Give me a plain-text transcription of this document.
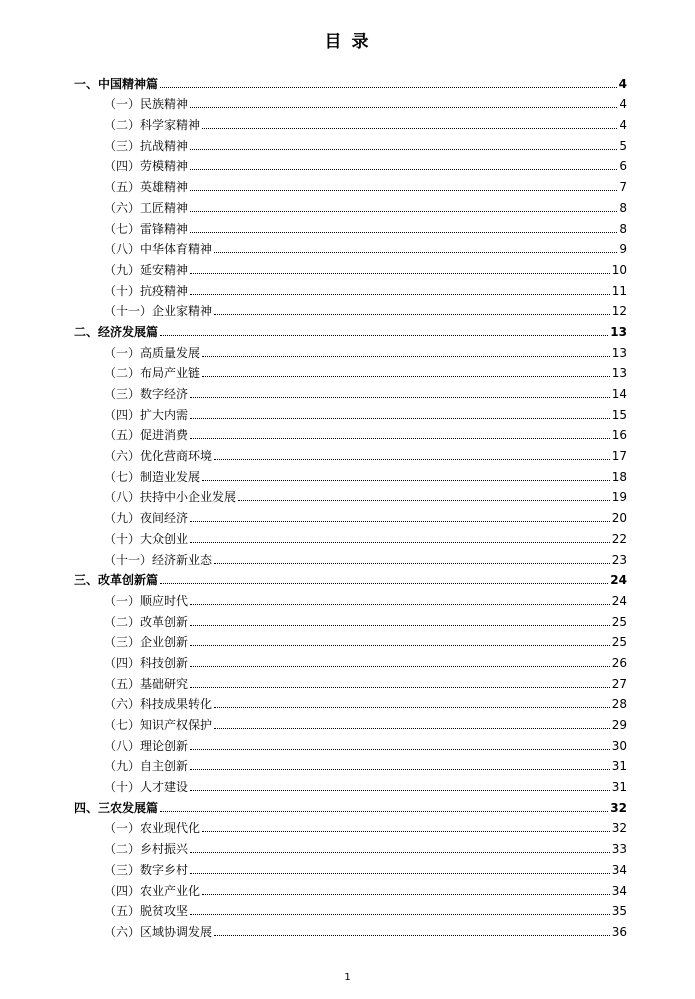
目 录
一、中国精神篇	4
（一）民族精神	4
（二）科学家精神	4
（三）抗战精神	5
（四）劳模精神	6
（五）英雄精神	7
（六）工匠精神	8
（七）雷锋精神	8
（八）中华体育精神	9
（九）延安精神	10
（十）抗疫精神	11
（十一）企业家精神	12
二、经济发展篇	13
（一）高质量发展	13
（二）布局产业链	13
（三）数字经济	14
（四）扩大内需	15
（五）促进消费	16
（六）优化营商环境	17
（七）制造业发展	18
（八）扶持中小企业发展	19
（九）夜间经济	20
（十）大众创业	22
（十一）经济新业态	23
三、改革创新篇	24
（一）顺应时代	24
（二）改革创新	25
（三）企业创新	25
（四）科技创新	26
（五）基础研究	27
（六）科技成果转化	28
（七）知识产权保护	29
（八）理论创新	30
（九）自主创新	31
（十）人才建设	31
四、三农发展篇	32
（一）农业现代化	32
（二）乡村振兴	33
（三）数字乡村	34
（四）农业产业化	34
（五）脱贫攻坚	35
（六）区域协调发展	36
1
